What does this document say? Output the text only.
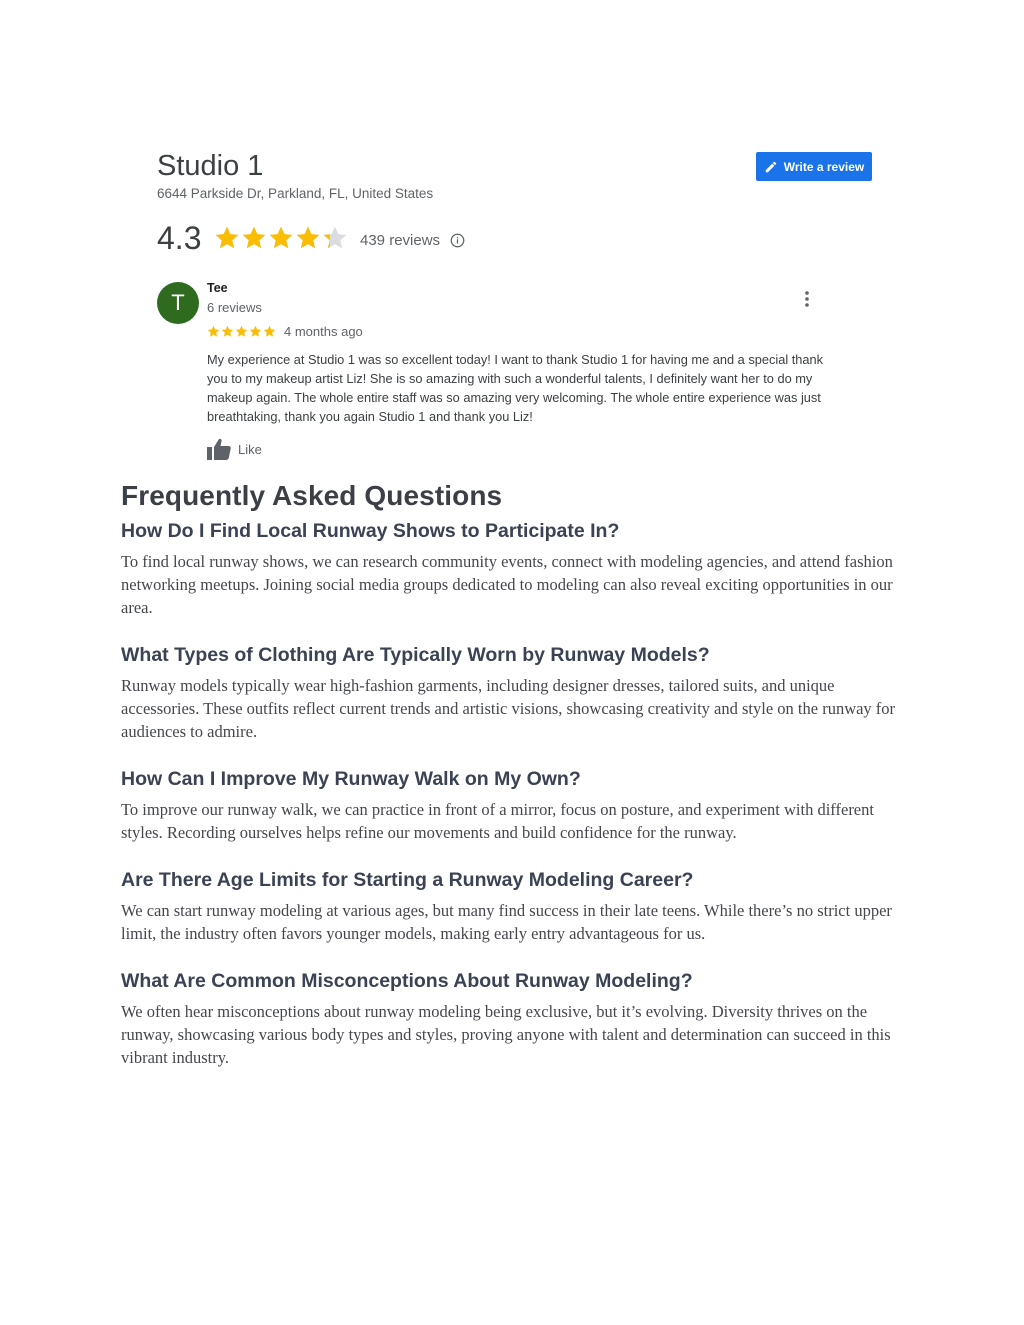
Studio 1
6644 Parkside Dr, Parkland, FL, United States
Write a review
4.3	439 reviews
T
Tee
6 reviews
4 months ago
My experience at Studio 1 was so excellent today! I want to thank Studio 1 for having me and a special thank you to my makeup artist Liz! She is so amazing with such a wonderful talents, I definitely want her to do my makeup again. The whole entire staff was so amazing very welcoming. The whole entire experience was just breathtaking, thank you again Studio 1 and thank you Liz!
Like
Frequently Asked Questions
How Do I Find Local Runway Shows to Participate In?

To find local runway shows, we can research community events, connect with modeling agencies, and attend fashion networking meetups. Joining social media groups dedicated to modeling can also reveal exciting opportunities in our area.

What Types of Clothing Are Typically Worn by Runway Models?

Runway models typically wear high-fashion garments, including designer dresses, tailored suits, and unique accessories. These outfits reflect current trends and artistic visions, showcasing creativity and style on the runway for audiences to admire.

How Can I Improve My Runway Walk on My Own?

To improve our runway walk, we can practice in front of a mirror, focus on posture, and experiment with different styles. Recording ourselves helps refine our movements and build confidence for the runway.

Are There Age Limits for Starting a Runway Modeling Career?

We can start runway modeling at various ages, but many find success in their late teens. While there’s no strict upper limit, the industry often favors younger models, making early entry advantageous for us.

What Are Common Misconceptions About Runway Modeling?

We often hear misconceptions about runway modeling being exclusive, but it’s evolving. Diversity thrives on the runway, showcasing various body types and styles, proving anyone with talent and determination can succeed in this vibrant industry.
